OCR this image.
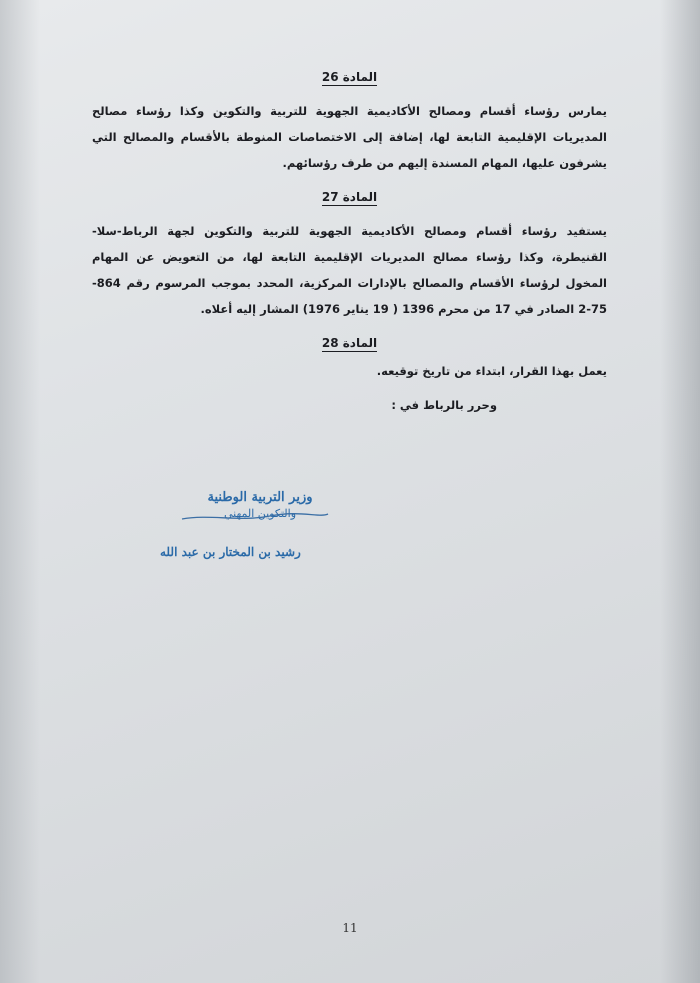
المادة 26

يمارس رؤساء أقسام ومصالح الأكاديمية الجهوية للتربية والتكوين وكذا رؤساء مصالح المديريات الإقليمية التابعة لها، إضافة إلى الاختصاصات المنوطة بالأقسام والمصالح التي يشرفون عليها، المهام المسندة إليهم من طرف رؤسائهم.

المادة 27

يستفيد رؤساء أقسام ومصالح الأكاديمية الجهوية للتربية والتكوين لجهة الرباط-سلا-القنيطرة، وكذا رؤساء مصالح المديريات الإقليمية التابعة لها، من التعويض عن المهام المخول لرؤساء الأقسام والمصالح بالإدارات المركزية، المحدد بموجب المرسوم رقم 864-75-2 الصادر في 17 من محرم 1396 ( 19 يناير 1976) المشار إليه أعلاه.

المادة 28

يعمل بهذا القرار، ابتداء من تاريخ توقيعه.

وحرر بالرباط في :

وزير التربية الوطنية
والتكوين المهني
رشيد بن المختار بن عبد الله
11
